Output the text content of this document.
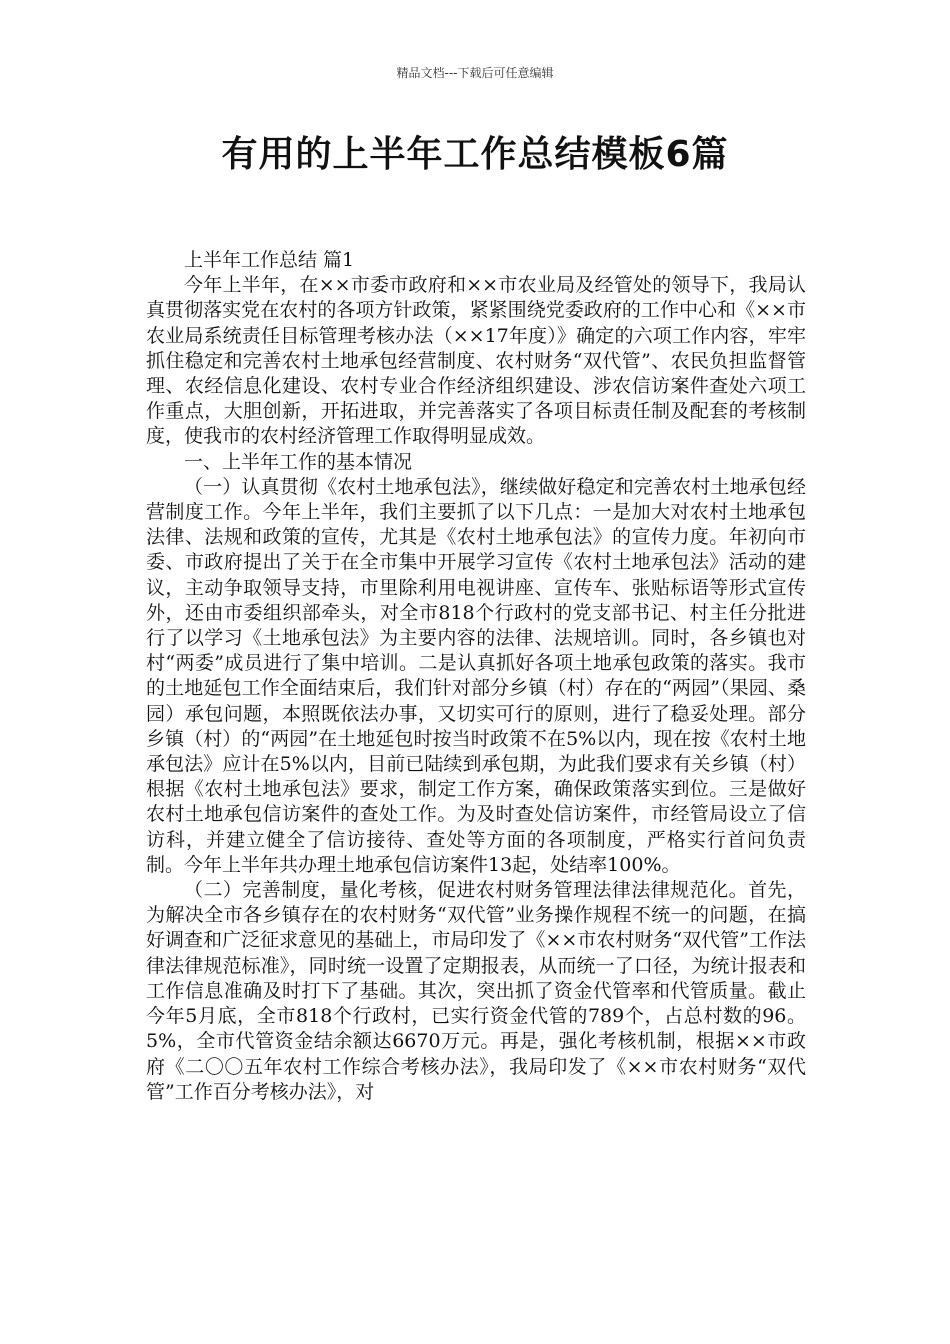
精品文档---下载后可任意编辑
有用的上半年工作总结模板6篇
上半年工作总结 篇1

今年上半年，在××市委市政府和××市农业局及经管处的领导下，我局认真贯彻落实党在农村的各项方针政策，紧紧围绕党委政府的工作中心和《××市农业局系统责任目标管理考核办法（××17年度）》确定的六项工作内容，牢牢抓住稳定和完善农村土地承包经营制度、农村财务“双代管”、农民负担监督管理、农经信息化建设、农村专业合作经济组织建设、涉农信访案件查处六项工作重点，大胆创新，开拓进取，并完善落实了各项目标责任制及配套的考核制度，使我市的农村经济管理工作取得明显成效。

一、上半年工作的基本情况

（一）认真贯彻《农村土地承包法》，继续做好稳定和完善农村土地承包经营制度工作。今年上半年，我们主要抓了以下几点：一是加大对农村土地承包法律、法规和政策的宣传，尤其是《农村土地承包法》的宣传力度。年初向市委、市政府提出了关于在全市集中开展学习宣传《农村土地承包法》活动的建议，主动争取领导支持，市里除利用电视讲座、宣传车、张贴标语等形式宣传外，还由市委组织部牵头，对全市818个行政村的党支部书记、村主任分批进行了以学习《土地承包法》为主要内容的法律、法规培训。同时，各乡镇也对村“两委”成员进行了集中培训。二是认真抓好各项土地承包政策的落实。我市的土地延包工作全面结束后，我们针对部分乡镇（村）存在的“两园”（果园、桑园）承包问题，本照既依法办事，又切实可行的原则，进行了稳妥处理。部分乡镇（村）的“两园”在土地延包时按当时政策不在5%以内，现在按《农村土地承包法》应计在5%以内，目前已陆续到承包期，为此我们要求有关乡镇（村）根据《农村土地承包法》要求，制定工作方案，确保政策落实到位。三是做好农村土地承包信访案件的查处工作。为及时查处信访案件，市经管局设立了信访科，并建立健全了信访接待、查处等方面的各项制度，严格实行首问负责制。今年上半年共办理土地承包信访案件13起，处结率100%。

（二）完善制度，量化考核，促进农村财务管理法律法律规范化。首先，为解决全市各乡镇存在的农村财务“双代管”业务操作规程不统一的问题，在搞好调查和广泛征求意见的基础上，市局印发了《××市农村财务“双代管”工作法律法律规范标准》，同时统一设置了定期报表，从而统一了口径，为统计报表和工作信息准确及时打下了基础。其次，突出抓了资金代管率和代管质量。截止今年5月底，全市818个行政村，已实行资金代管的789个，占总村数的96。5%，全市代管资金结余额达6670万元。再是，强化考核机制，根据××市政府《二〇〇五年农村工作综合考核办法》，我局印发了《××市农村财务“双代管”工作百分考核办法》，对
